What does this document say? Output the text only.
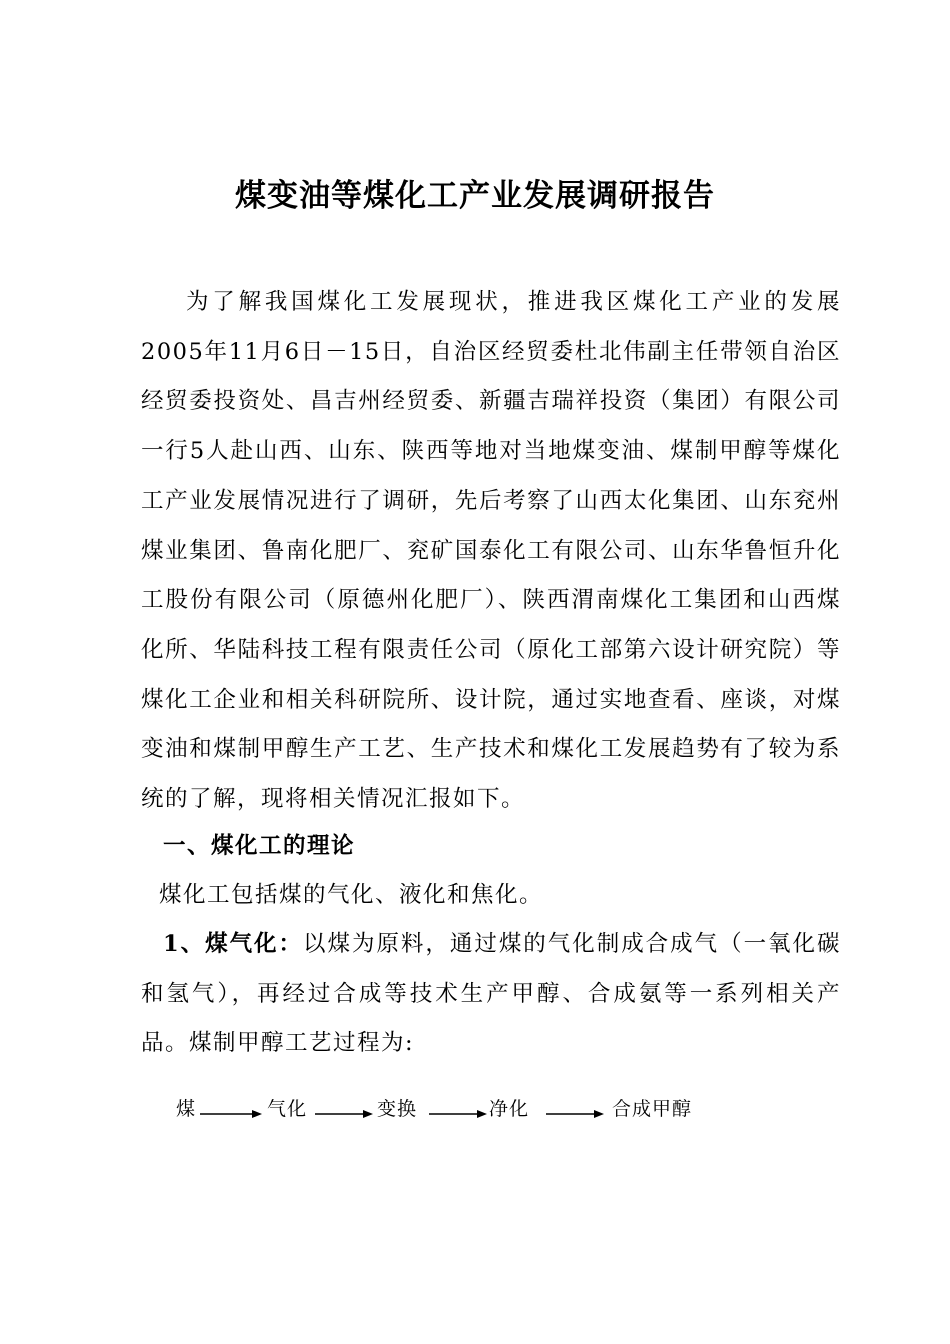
煤变油等煤化工产业发展调研报告

为了解我国煤化工发展现状，推进我区煤化工产业的发展2005年11月6日－15日，自治区经贸委杜北伟副主任带领自治区经贸委投资处、昌吉州经贸委、新疆吉瑞祥投资（集团）有限公司一行5人赴山西、山东、陕西等地对当地煤变油、煤制甲醇等煤化工产业发展情况进行了调研，先后考察了山西太化集团、山东兖州煤业集团、鲁南化肥厂、兖矿国泰化工有限公司、山东华鲁恒升化工股份有限公司（原德州化肥厂）、陕西渭南煤化工集团和山西煤化所、华陆科技工程有限责任公司（原化工部第六设计研究院）等煤化工企业和相关科研院所、设计院，通过实地查看、座谈，对煤变油和煤制甲醇生产工艺、生产技术和煤化工发展趋势有了较为系统的了解，现将相关情况汇报如下。

一、煤化工的理论
煤化工包括煤的气化、液化和焦化。
1、煤气化：以煤为原料，通过煤的气化制成合成气（一氧化碳和氢气），再经过合成等技术生产甲醇、合成氨等一系列相关产品。煤制甲醇工艺过程为:
煤	气化	变换	净化	合成甲醇
